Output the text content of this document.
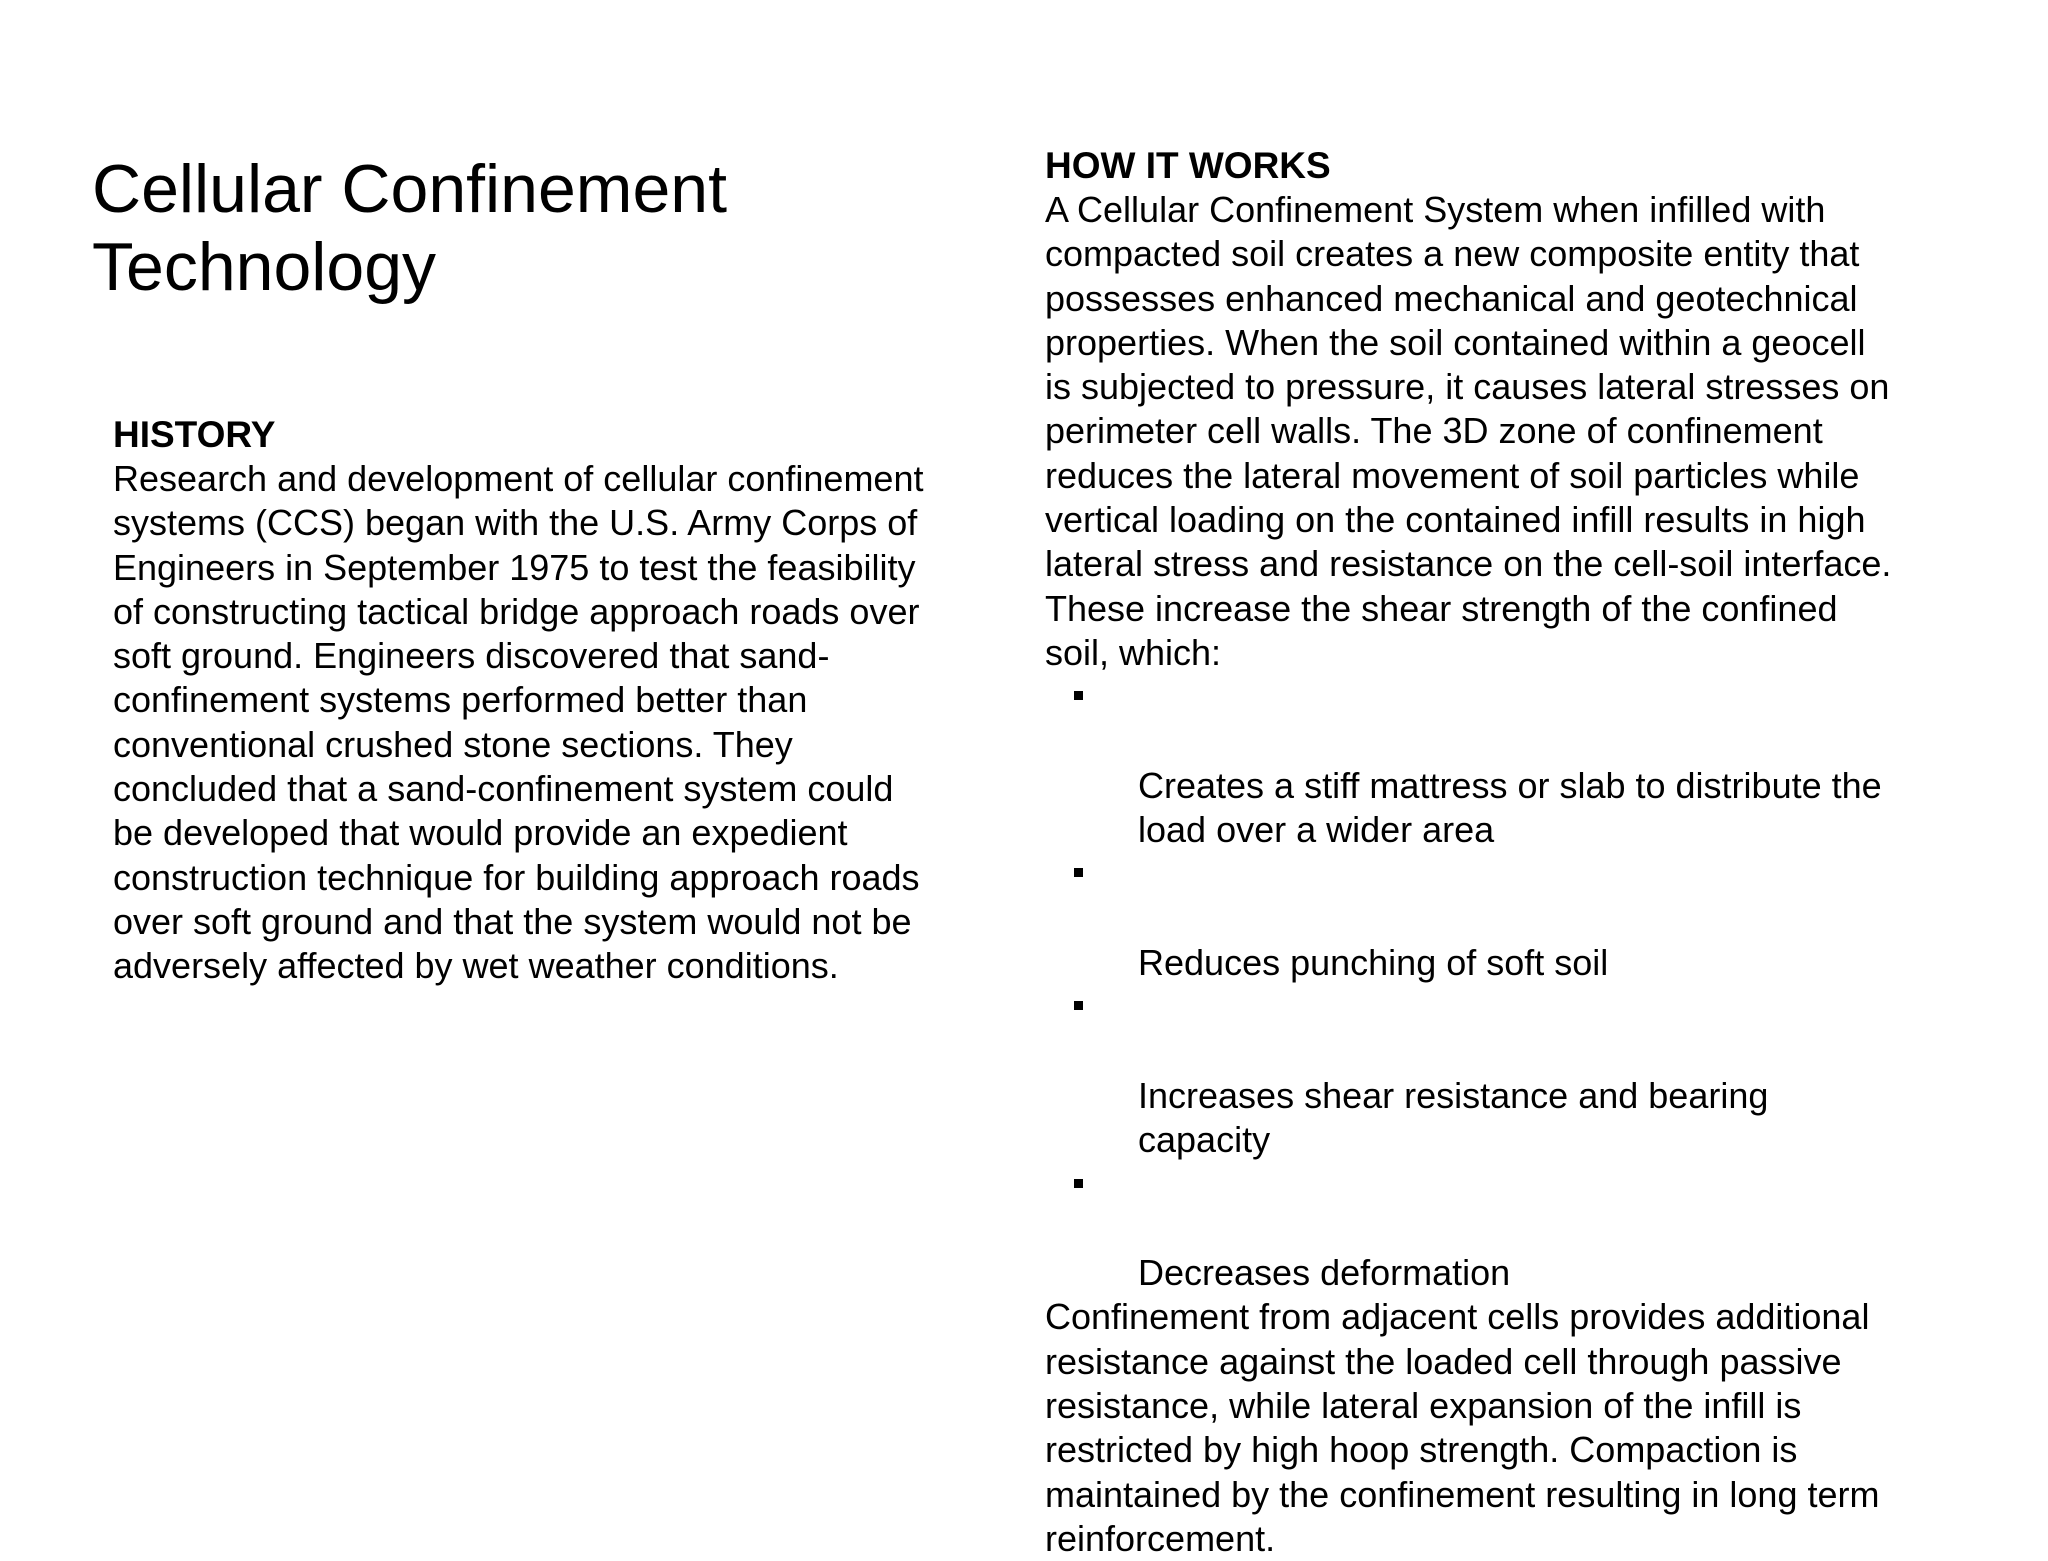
Cellular Confinement
Technology

HISTORY

Research and development of cellular confinement
systems (CCS) began with the U.S. Army Corps of
Engineers in September 1975 to test the feasibility
of constructing tactical bridge approach roads over
soft ground. Engineers discovered that sand-
confinement systems performed better than
conventional crushed stone sections. They
concluded that a sand-confinement system could
be developed that would provide an expedient
construction technique for building approach roads
over soft ground and that the system would not be
adversely affected by wet weather conditions.

HOW IT WORKS

A Cellular Confinement System when infilled with
compacted soil creates a new composite entity that
possesses enhanced mechanical and geotechnical
properties. When the soil contained within a geocell
is subjected to pressure, it causes lateral stresses on
perimeter cell walls. The 3D zone of confinement
reduces the lateral movement of soil particles while
vertical loading on the contained infill results in high
lateral stress and resistance on the cell-soil interface.
These increase the shear strength of the confined
soil, which:

Creates a stiff mattress or slab to distribute the
load over a wider area

Reduces punching of soft soil

Increases shear resistance and bearing
capacity

Decreases deformation

Confinement from adjacent cells provides additional
resistance against the loaded cell through passive
resistance, while lateral expansion of the infill is
restricted by high hoop strength. Compaction is
maintained by the confinement resulting in long term
reinforcement.
